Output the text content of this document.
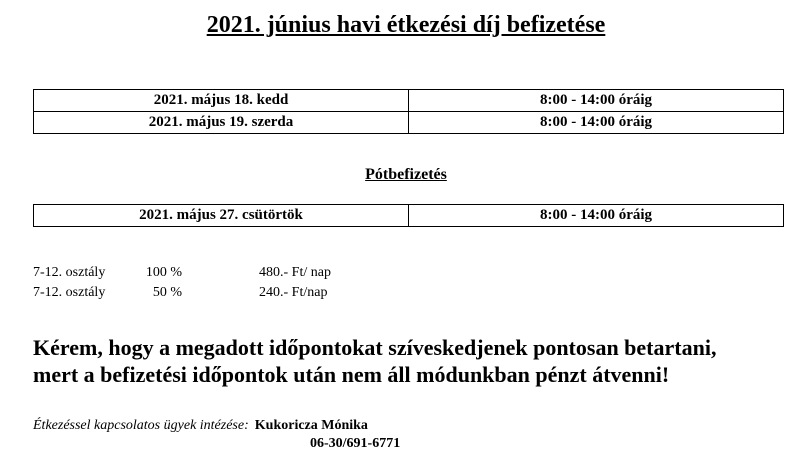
2021. június havi étkezési díj befizetése
2021. május 18. kedd	8:00 - 14:00 óráig
2021. május 19. szerda	8:00 - 14:00 óráig
Pótbefizetés
2021. május 27. csütörtök	8:00 - 14:00 óráig
7-12. osztály	100 %	480.- Ft/ nap
7-12. osztály	50 %	240.- Ft/nap
Kérem, hogy a megadott időpontokat szíveskedjenek pontosan betartani,
mert a befizetési időpontok után nem áll módunkban pénzt átvenni!
Étkezéssel kapcsolatos ügyek intézése: Kukoricza Mónika
06-30/691-6771
